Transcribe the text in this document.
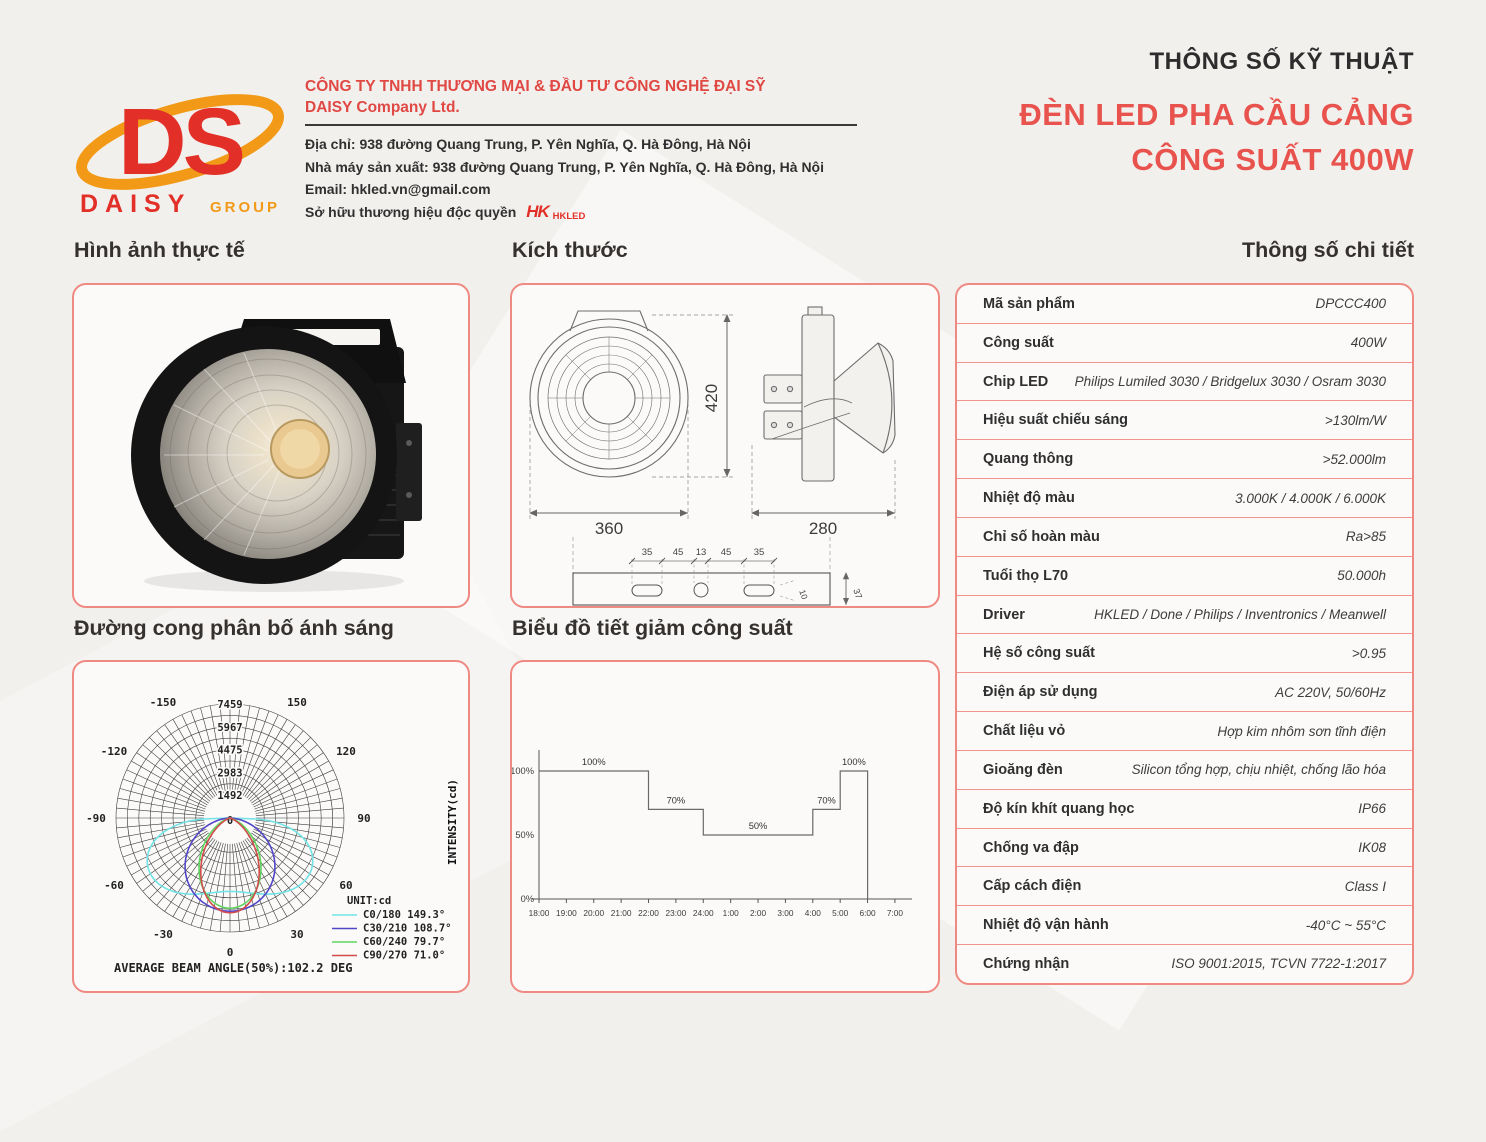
DS
DAISY GROUP
CÔNG TY TNHH THƯƠNG MẠI & ĐẦU TƯ CÔNG NGHỆ ĐẠI SỸ
DAISY Company Ltd.
Địa chỉ: 938 đường Quang Trung, P. Yên Nghĩa, Q. Hà Đông, Hà Nội
Nhà máy sản xuất: 938 đường Quang Trung, P. Yên Nghĩa, Q. Hà Đông, Hà Nội
Email: hkled.vn@gmail.com
Sở hữu thương hiệu độc quyền HK HKLED
THÔNG SỐ KỸ THUẬT
ĐÈN LED PHA CẦU CẢNG
CÔNG SUẤT 400W
Hình ảnh thực tế	Kích thước	Thông số chi tiết
420
360	280
35 45 13 45 35
10	37
Mã sản phẩm	DPCCC400
Công suất	400W
Chip LED Philips Lumiled 3030 / Bridgelux 3030 / Osram 3030
Hiệu suất chiếu sáng	>130lm/W
Quang thông	>52.000lm
Nhiệt độ màu	3.000K / 4.000K / 6.000K
Chỉ số hoàn màu	Ra>85
Tuổi thọ L70	50.000h
Driver	HKLED / Done / Philips / Inventronics / Meanwell
Hệ số công suất	>0.95
Điện áp sử dụng	AC 220V, 50/60Hz
Chất liệu vỏ	Hợp kim nhôm sơn tĩnh điện
Gioăng đèn	Silicon tổng hợp, chịu nhiệt, chống lão hóa
Độ kín khít quang học	IP66
Chống va đập	IK08
Cấp cách điện	Class I
Nhiệt độ vận hành	-40°C ~ 55°C
Chứng nhận	ISO 9001:2015, TCVN 7722-1:2017
Đường cong phân bố ánh sáng	Biểu đồ tiết giảm công suất
-150
-120
-90
-60
-30
0
30
60
90
120
150
0
1492
2983
4475
5967
7459
UNIT:cd
C0/180 149.3°
C30/210 108.7°
C60/240 79.7°
C90/270 71.0°
INTENSITY(cd)
AVERAGE BEAM ANGLE(50%):102.2 DEG
18:00 19:00 20:00 21:00 22:00 23:00 24:00 1:00 2:00 3:00 4:00 5:00 6:00 7:00
0%
50%
100%
100%
70%
50%
70%
100%
